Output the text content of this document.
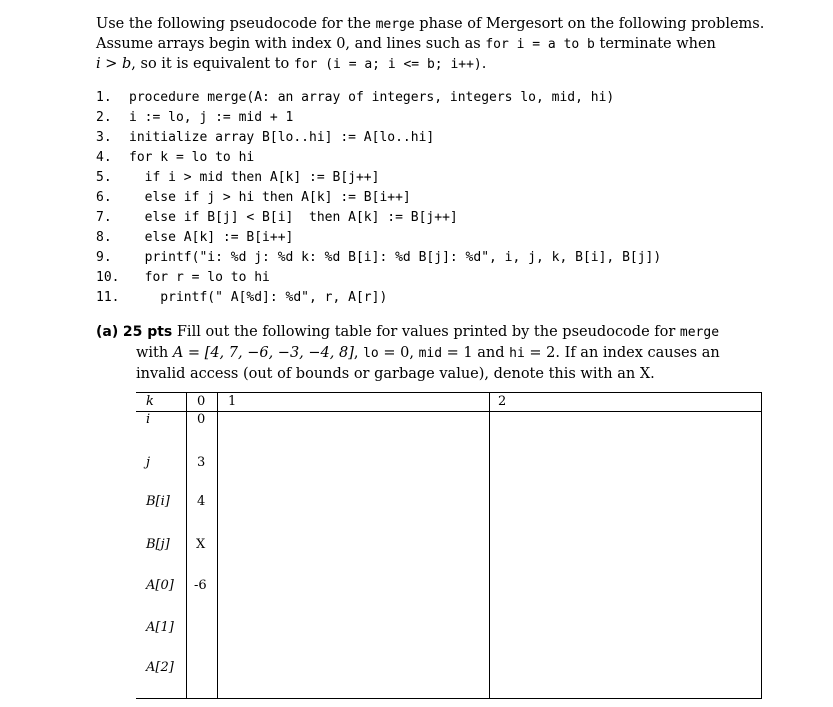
Use the following pseudocode for the merge phase of Mergesort on the following problems.
Assume arrays begin with index 0, and lines such as for i = a to b terminate when
i > b, so it is equivalent to for (i = a; i <= b; i++).
1. procedure merge(A: an array of integers, integers lo, mid, hi)
2. i := lo, j := mid + 1
3. initialize array B[lo..hi] := A[lo..hi]
4. for k = lo to hi
5.  if i > mid then A[k] := B[j++]
6.  else if j > hi then A[k] := B[i++]
7.  else if B[j] < B[i]  then A[k] := B[j++]
8.  else A[k] := B[i++]
9.  printf("i: %d j: %d k: %d B[i]: %d B[j]: %d", i, j, k, B[i], B[j])
10.  for r = lo to hi
11.    printf(" A[%d]: %d", r, A[r])
(a) 25 pts Fill out the following table for values printed by the pseudocode for merge
with A = [4, 7, −6, −3, −4, 8], lo = 0, mid = 1 and hi = 2. If an index causes an
invalid access (out of bounds or garbage value), denote this with an X.
k	0 1	2
i
j
B[i]
B[j]
A[0]
A[1]
A[2]
0
3
4
X
-6
